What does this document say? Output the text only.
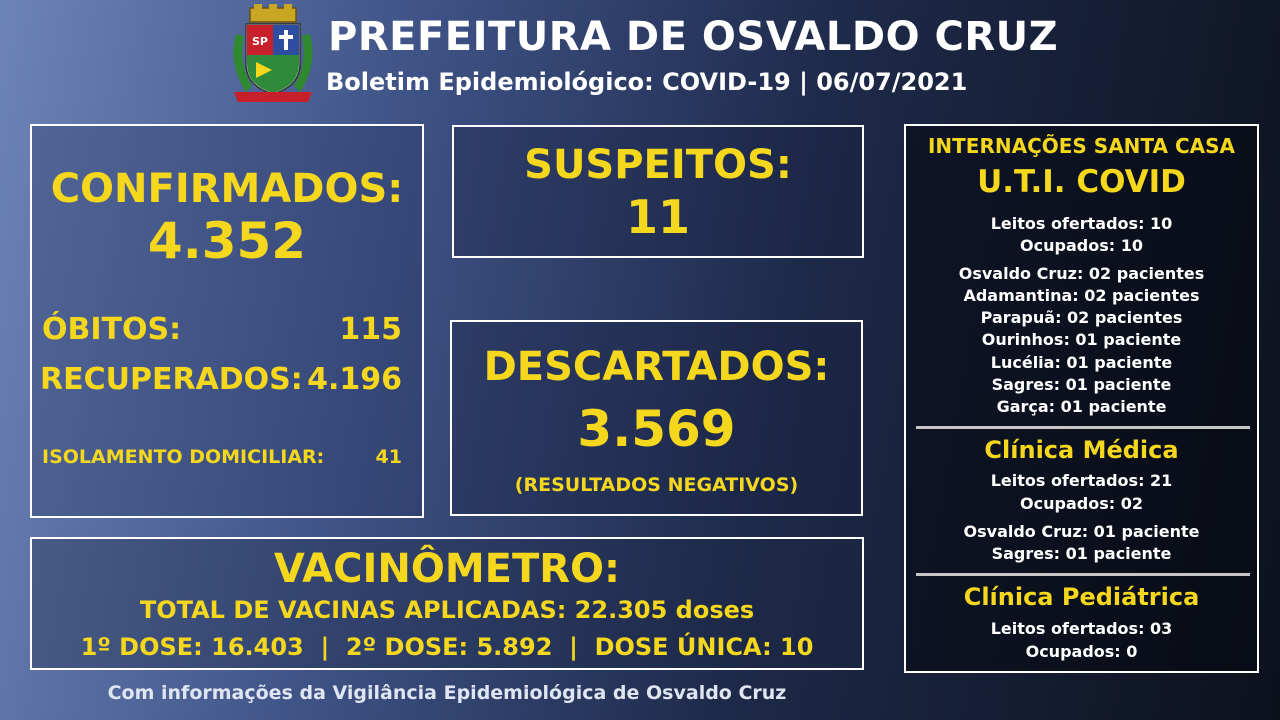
SP PREFEITURA DE OSVALDO CRUZ
Boletim Epidemiológico: COVID-19 | 06/07/2021
CONFIRMADOS:
4.352
ÓBITOS:	115
RECUPERADOS: 4.196
ISOLAMENTO DOMICILIAR:	41
SUSPEITOS:
11
DESCARTADOS:
3.569
(RESULTADOS NEGATIVOS)
VACINÔMETRO:
TOTAL DE VACINAS APLICADAS: 22.305 doses
1º DOSE: 16.403  |  2º DOSE: 5.892  |  DOSE ÚNICA: 10
INTERNAÇÕES SANTA CASA
U.T.I. COVID
Leitos ofertados: 10
Ocupados: 10
Osvaldo Cruz: 02 pacientes
Adamantina: 02 pacientes
Parapuã: 02 pacientes
Ourinhos: 01 paciente
Lucélia: 01 paciente
Sagres: 01 paciente
Garça: 01 paciente
Clínica Médica
Leitos ofertados: 21
Ocupados: 02
Osvaldo Cruz: 01 paciente
Sagres: 01 paciente
Clínica Pediátrica
Leitos ofertados: 03
Ocupados: 0
Com informações da Vigilância Epidemiológica de Osvaldo Cruz
